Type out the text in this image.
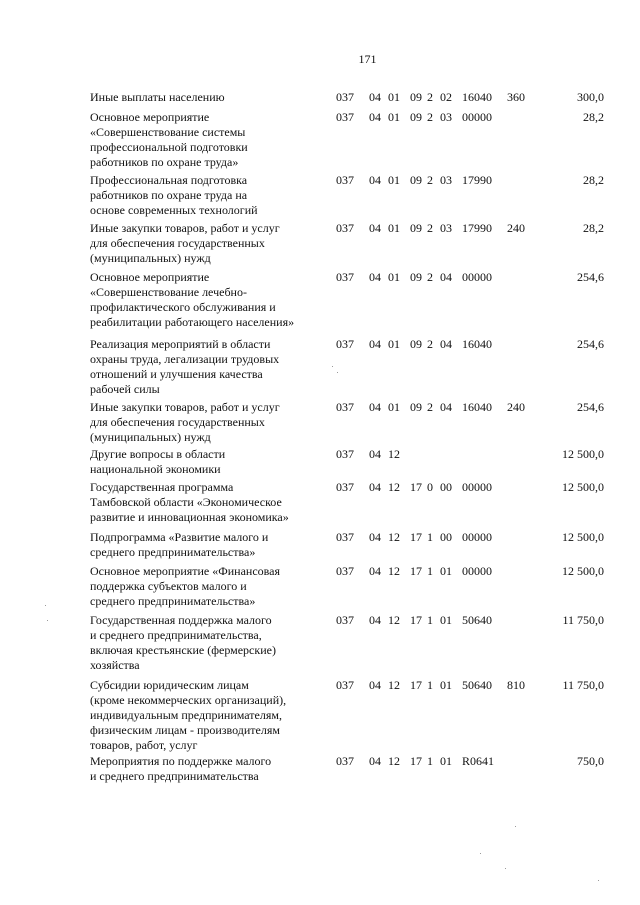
171
Иные выплаты населению	037 04 01 09 2 02 16040 360	300,0
Основное мероприятие
«Совершенствование системы
профессиональной подготовки
работников по охране труда»
037 04 01 09 2 03 00000	28,2
Профессиональная подготовка
работников по охране труда на
основе современных технологий
037 04 01 09 2 03 17990	28,2
Иные закупки товаров, работ и услуг
для обеспечения государственных
(муниципальных) нужд
037 04 01 09 2 03 17990 240	28,2
Основное мероприятие
«Совершенствование лечебно-
профилактического обслуживания и
реабилитации работающего населения»
037 04 01 09 2 04 00000	254,6
Реализация мероприятий в области
охраны труда, легализации трудовых
отношений и улучшения качества
рабочей силы
037 04 01 09 2 04 16040	254,6
Иные закупки товаров, работ и услуг
для обеспечения государственных
(муниципальных) нужд
037 04 01 09 2 04 16040 240	254,6
Другие вопросы в области
национальной экономики
037 04 12	12 500,0
Государственная программа
Тамбовской области «Экономическое
развитие и инновационная экономика»
037 04 12 17 0 00 00000	12 500,0
Подпрограмма «Развитие малого и
среднего предпринимательства»
037 04 12 17 1 00 00000	12 500,0
Основное мероприятие «Финансовая
поддержка субъектов малого и
среднего предпринимательства»
037 04 12 17 1 01 00000	12 500,0
Государственная поддержка малого
и среднего предпринимательства,
включая крестьянские (фермерские)
хозяйства
037 04 12 17 1 01 50640	11 750,0
Субсидии юридическим лицам
(кроме некоммерческих организаций),
индивидуальным предпринимателям,
физическим лицам - производителям
товаров, работ, услуг
037 04 12 17 1 01 50640 810	11 750,0
Мероприятия по поддержке малого
и среднего предпринимательства
037 04 12 17 1 01 R0641	750,0
